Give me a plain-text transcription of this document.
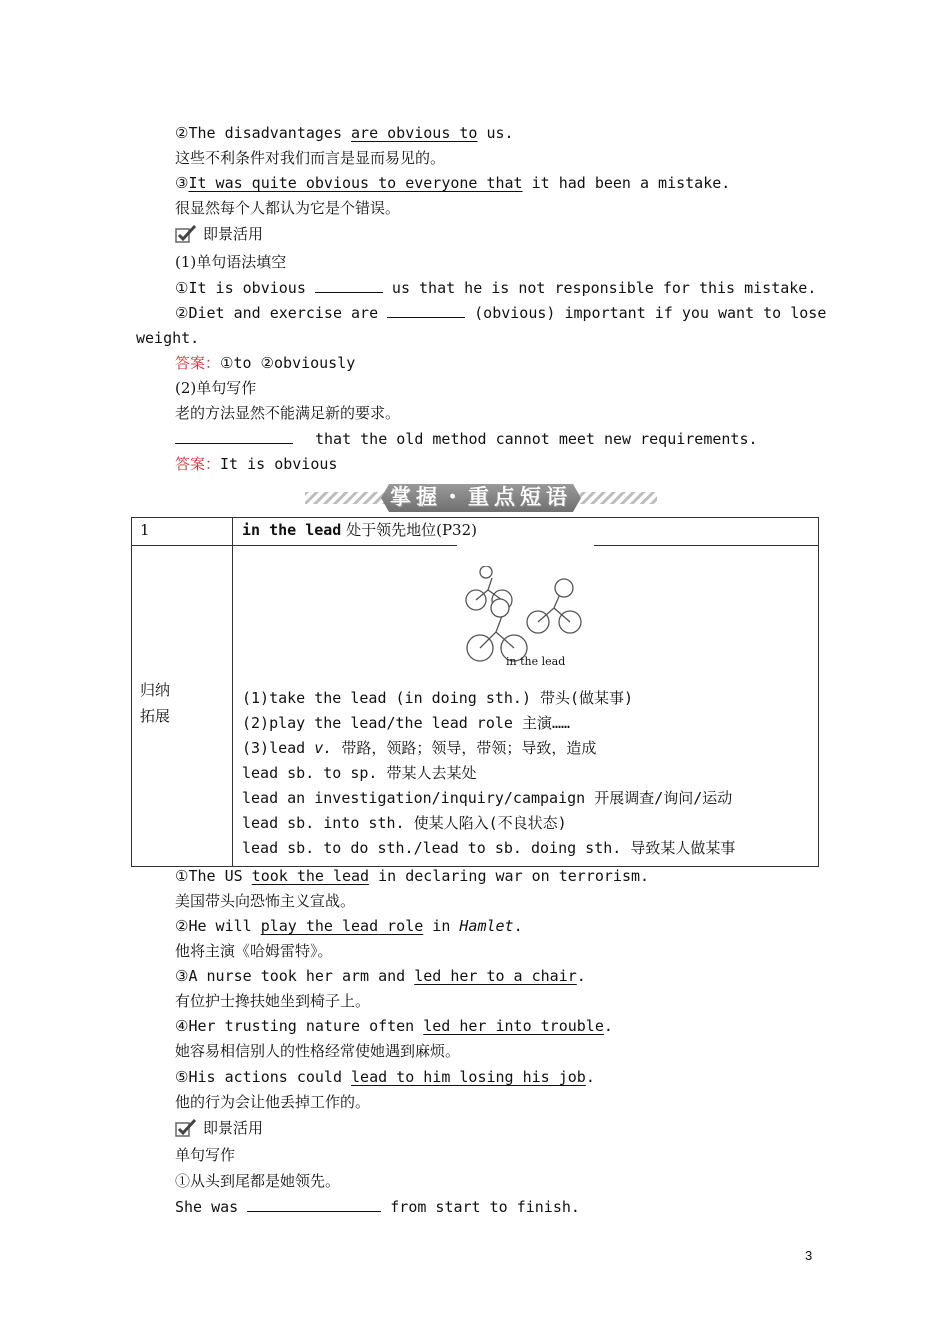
②The disadvantages are obvious to us.
这些不利条件对我们而言是显而易见的。
③It was quite obvious to everyone that it had been a mistake.
很显然每个人都认为它是个错误。
即景活用
(1)单句语法填空
①It is obvious	us that he is not responsible for this mistake.
②Diet and exercise are	(obvious) important if you want to lose
weight.
答案：①to ②obviously
(2)单句写作
老的方法显然不能满足新的要求。
that the old method cannot meet new requirements.
答案：It is obvious
掌握・重点短语
1	in the lead 处于领先地位(P32)
归纳
拓展
in the lead
(1)take the lead (in doing sth.) 带头(做某事)
(2)play the lead/the lead role 主演……
(3)lead v. 带路，领路；领导，带领；导致，造成
lead sb. to sp. 带某人去某处
lead an investigation/inquiry/campaign 开展调查/询问/运动
lead sb. into sth. 使某人陷入(不良状态)
lead sb. to do sth./lead to sb. doing sth. 导致某人做某事
①The US took the lead in declaring war on terrorism.
美国带头向恐怖主义宣战。
②He will play the lead role in Hamlet.
他将主演《哈姆雷特》。
③A nurse took her arm and led her to a chair.
有位护士搀扶她坐到椅子上。
④Her trusting nature often led her into trouble.
她容易相信别人的性格经常使她遇到麻烦。
⑤His actions could lead to him losing his job.
他的行为会让他丢掉工作的。
即景活用
单句写作
①从头到尾都是她领先。
She was	from start to finish.
3
